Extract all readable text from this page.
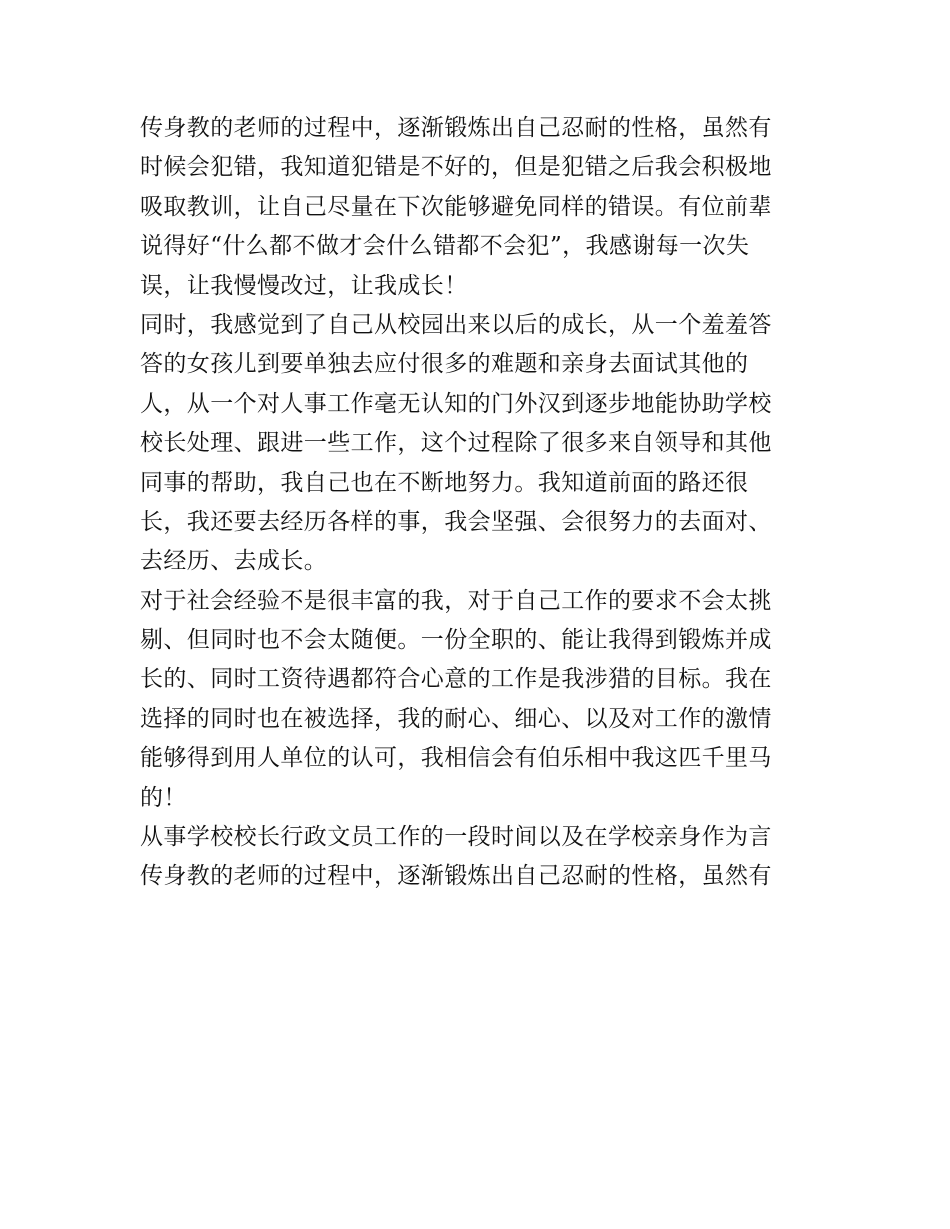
传身教的老师的过程中，逐渐锻炼出自己忍耐的性格，虽然有
时候会犯错，我知道犯错是不好的，但是犯错之后我会积极地
吸取教训，让自己尽量在下次能够避免同样的错误。有位前辈
说得好“什么都不做才会什么错都不会犯”，我感谢每一次失
误，让我慢慢改过，让我成长！
同时，我感觉到了自己从校园出来以后的成长，从一个羞羞答
答的女孩儿到要单独去应付很多的难题和亲身去面试其他的
人，从一个对人事工作毫无认知的门外汉到逐步地能协助学校
校长处理、跟进一些工作，这个过程除了很多来自领导和其他
同事的帮助，我自己也在不断地努力。我知道前面的路还很
长，我还要去经历各样的事，我会坚强、会很努力的去面对、
去经历、去成长。
对于社会经验不是很丰富的我，对于自己工作的要求不会太挑
剔、但同时也不会太随便。一份全职的、能让我得到锻炼并成
长的、同时工资待遇都符合心意的工作是我涉猎的目标。我在
选择的同时也在被选择，我的耐心、细心、以及对工作的激情
能够得到用人单位的认可，我相信会有伯乐相中我这匹千里马
的！
从事学校校长行政文员工作的一段时间以及在学校亲身作为言
传身教的老师的过程中，逐渐锻炼出自己忍耐的性格，虽然有
